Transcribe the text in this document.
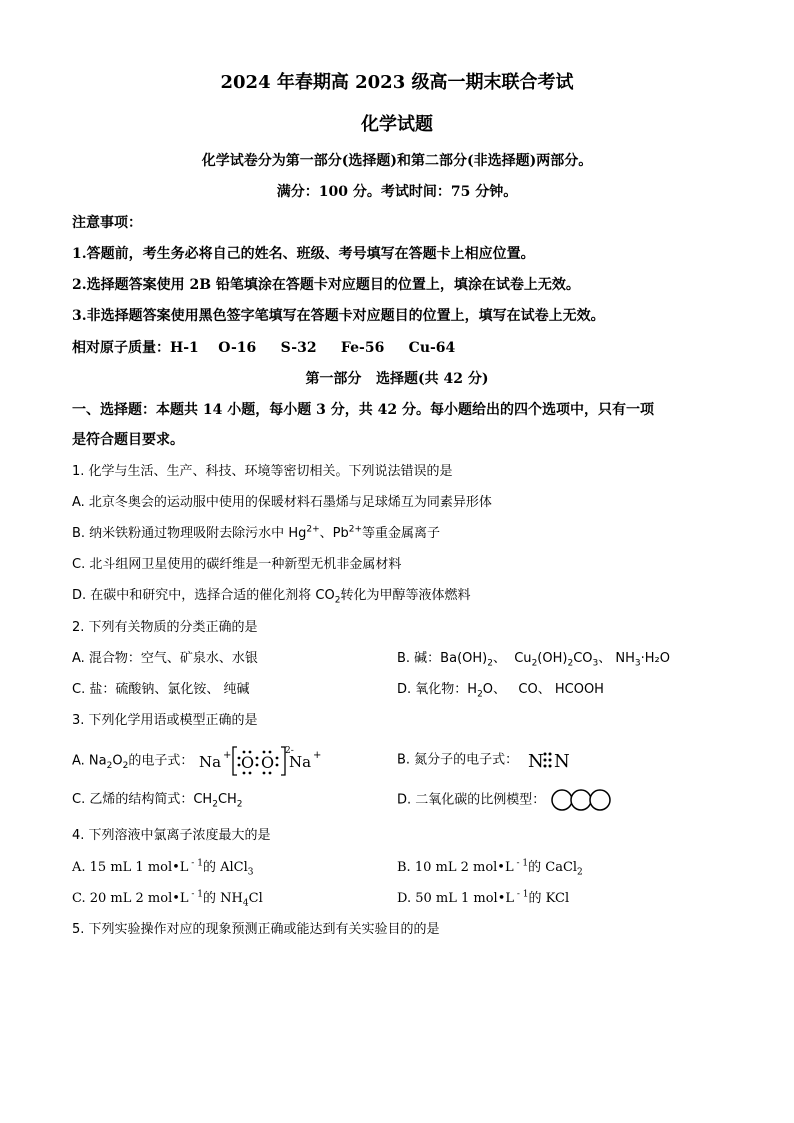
2024 年春期高 2023 级高一期末联合考试
化学试题
化学试卷分为第一部分(选择题)和第二部分(非选择题)两部分。
满分：100 分。考试时间：75 分钟。
注意事项：
1.答题前，考生务必将自己的姓名、班级、考号填写在答题卡上相应位置。
2.选择题答案使用 2B 铅笔填涂在答题卡对应题目的位置上，填涂在试卷上无效。
3.非选择题答案使用黑色签字笔填写在答题卡对应题目的位置上，填写在试卷上无效。
相对原子质量：H-1    O-16     S-32     Fe-56     Cu-64
第一部分   选择题(共 42 分)
一、选择题：本题共 14 小题，每小题 3 分，共 42 分。每小题给出的四个选项中，只有一项
是符合题目要求。
1. 化学与生活、生产、科技、环境等密切相关。下列说法错误的是
A. 北京冬奥会的运动服中使用的保暖材料石墨烯与足球烯互为同素异形体
B. 纳米铁粉通过物理吸附去除污水中 $Hg^{2+}$、$Pb^{2+}$等重金属离子
C. 北斗组网卫星使用的碳纤维是一种新型无机非金属材料
D. 在碳中和研究中，选择合适的催化剂将 $CO_2$转化为甲醇等液体燃料
2. 下列有关物质的分类正确的是
A. 混合物：空气、矿泉水、水银	B. 碱：$Ba(OH)_2$、  $Cu_2(OH)_2CO_3$、 $NH_3\cdot H_2O$
C. 盐：硫酸钠、氯化铵、 纯碱	D. 氧化物：$H_2O$、   CO、 HCOOH
3. 下列化学用语或模型正确的是
A. $Na_2O_2$的电子式： Na + O O
2-
Na +	B. 氮分子的电子式： N N
C. 乙烯的结构简式：$CH_2CH_2$	D. 二氧化碳的比例模型：
4. 下列溶液中氯离子浓度最大的是
A. 15 mL 1 mol•L $^{- 1}$的 AlCl$_3$	B. 10 mL 2 mol•L $^{- 1}$的 CaCl$_2$
C. 20 mL 2 mol•L $^{- 1}$的 $NH_4Cl$	D. 50 mL 1 mol•L $^{- 1}$的 KCl
5. 下列实验操作对应的现象预测正确或能达到有关实验目的的是
